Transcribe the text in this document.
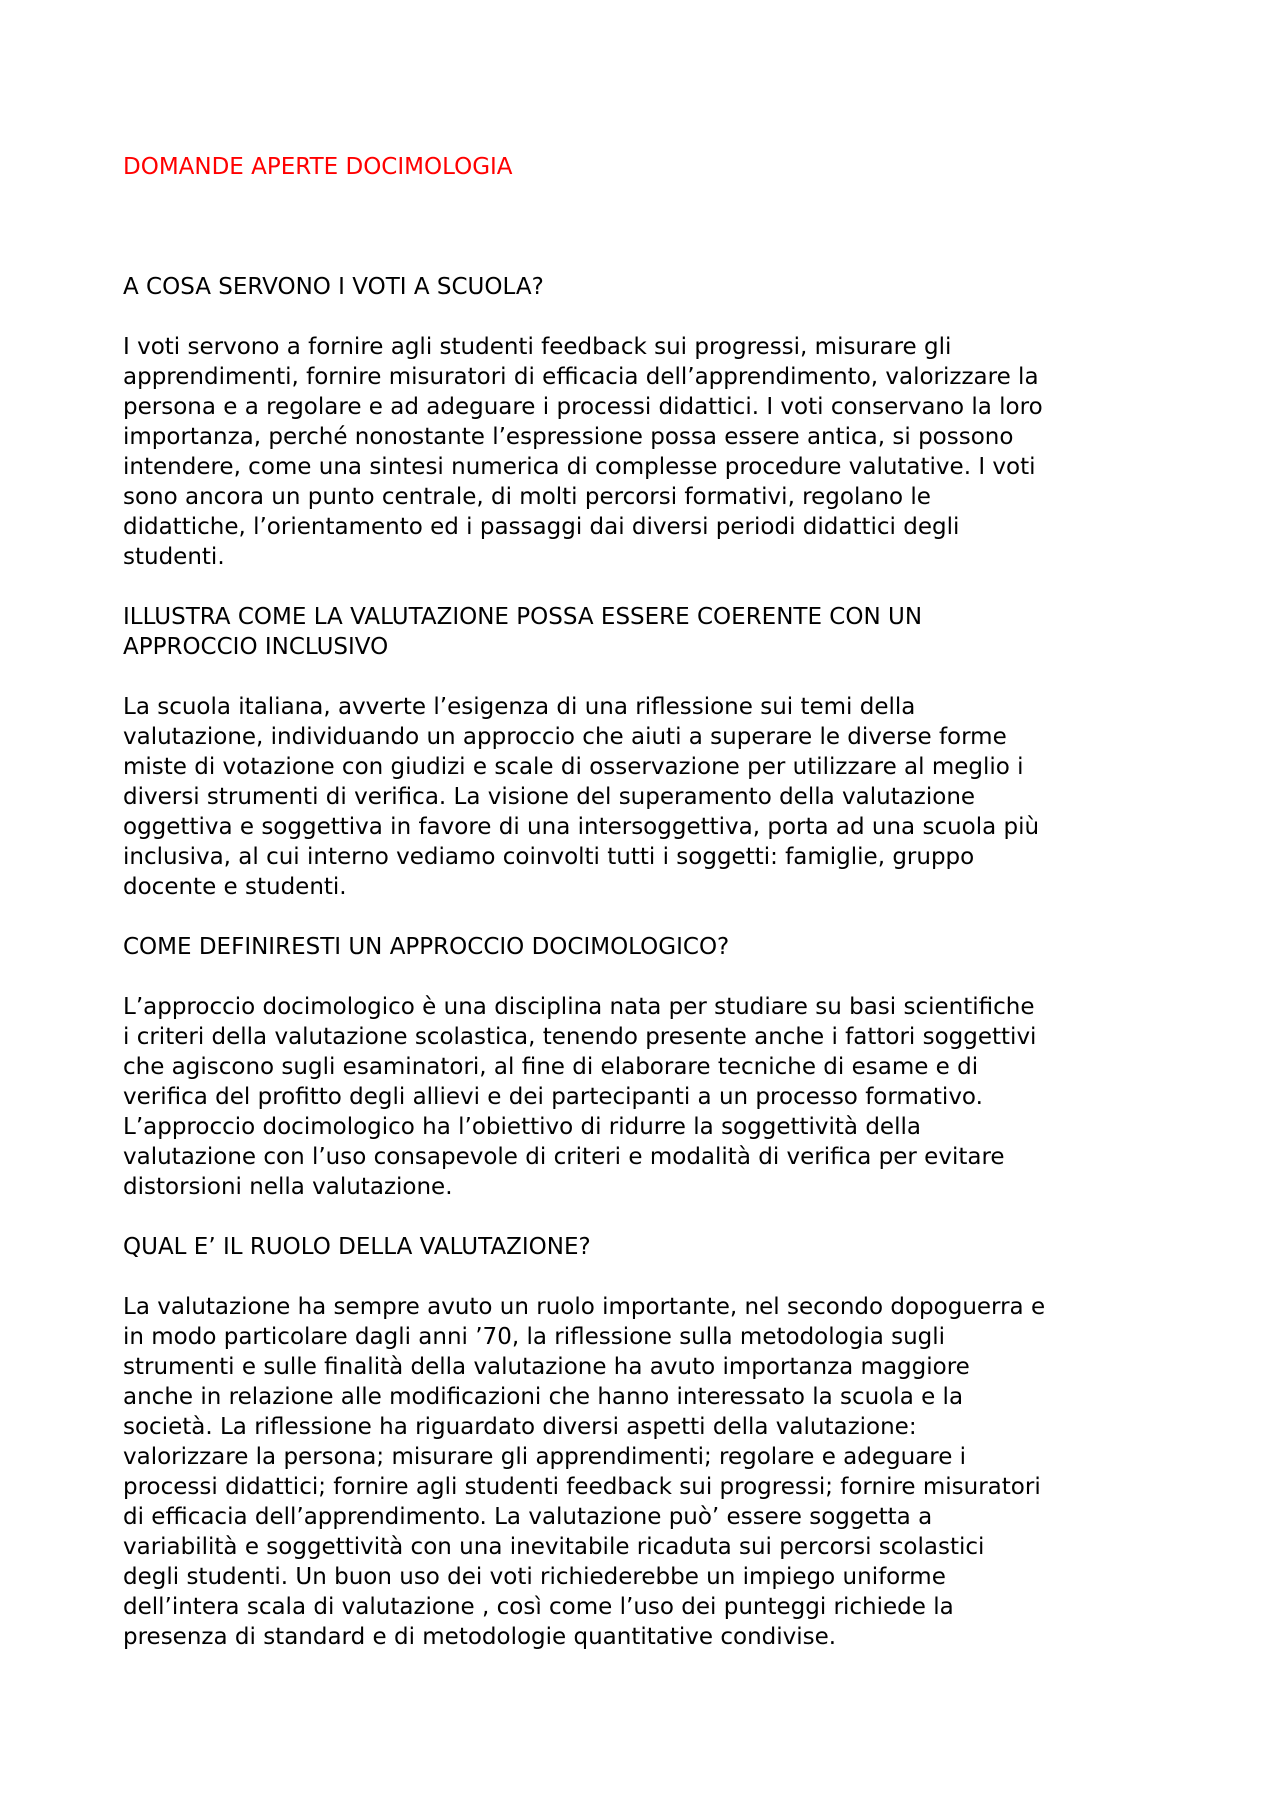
DOMANDE APERTE DOCIMOLOGIA
A COSA SERVONO I VOTI A SCUOLA?

I voti servono a fornire agli studenti feedback sui progressi, misurare gli
apprendimenti, fornire misuratori di efficacia dell’apprendimento, valorizzare la
persona e a regolare e ad adeguare i processi didattici. I voti conservano la loro
importanza, perché nonostante l’espressione possa essere antica, si possono
intendere, come una sintesi numerica di complesse procedure valutative. I voti
sono ancora un punto centrale, di molti percorsi formativi, regolano le
didattiche, l’orientamento ed i passaggi dai diversi periodi didattici degli
studenti.

ILLUSTRA COME LA VALUTAZIONE POSSA ESSERE COERENTE CON UN
APPROCCIO INCLUSIVO

La scuola italiana, avverte l’esigenza di una riflessione sui temi della
valutazione, individuando un approccio che aiuti a superare le diverse forme
miste di votazione con giudizi e scale di osservazione per utilizzare al meglio i
diversi strumenti di verifica. La visione del superamento della valutazione
oggettiva e soggettiva in favore di una intersoggettiva, porta ad una scuola più
inclusiva, al cui interno vediamo coinvolti tutti i soggetti: famiglie, gruppo
docente e studenti.

COME DEFINIRESTI UN APPROCCIO DOCIMOLOGICO?

L’approccio docimologico è una disciplina nata per studiare su basi scientifiche
i criteri della valutazione scolastica, tenendo presente anche i fattori soggettivi
che agiscono sugli esaminatori, al fine di elaborare tecniche di esame e di
verifica del profitto degli allievi e dei partecipanti a un processo formativo.
L’approccio docimologico ha l’obiettivo di ridurre la soggettività della
valutazione con l’uso consapevole di criteri e modalità di verifica per evitare
distorsioni nella valutazione.

QUAL E’ IL RUOLO DELLA VALUTAZIONE?

La valutazione ha sempre avuto un ruolo importante, nel secondo dopoguerra e
in modo particolare dagli anni ’70, la riflessione sulla metodologia sugli
strumenti e sulle finalità della valutazione ha avuto importanza maggiore
anche in relazione alle modificazioni che hanno interessato la scuola e la
società. La riflessione ha riguardato diversi aspetti della valutazione:
valorizzare la persona; misurare gli apprendimenti; regolare e adeguare i
processi didattici; fornire agli studenti feedback sui progressi; fornire misuratori
di efficacia dell’apprendimento. La valutazione può’ essere soggetta a
variabilità e soggettività con una inevitabile ricaduta sui percorsi scolastici
degli studenti. Un buon uso dei voti richiederebbe un impiego uniforme
dell’intera scala di valutazione , così come l’uso dei punteggi richiede la
presenza di standard e di metodologie quantitative condivise.
